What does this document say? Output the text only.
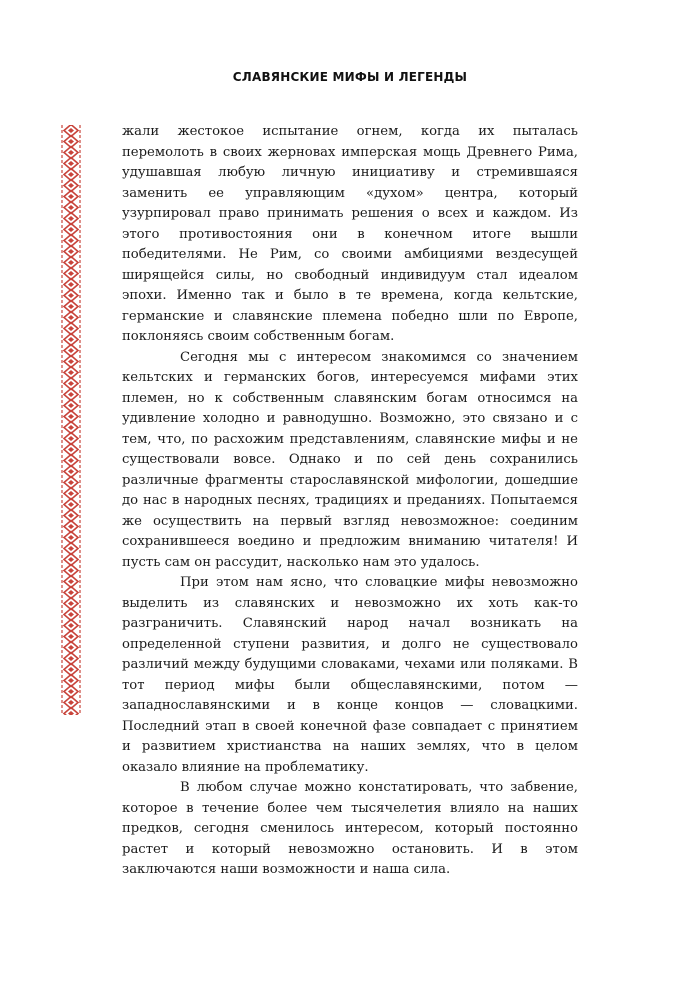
СЛАВЯНСКИЕ МИФЫ И ЛЕГЕНДЫ

жали жестокое испытание огнем, когда их пыталась перемолоть в своих жерновах имперская мощь Древнего Рима, удушавшая любую личную инициативу и стремившаяся заменить ее управляющим «духом» центра, который узурпировал право принимать решения о всех и каждом. Из этого противостояния они в конечном итоге вышли победителями. Не Рим, со своими амбициями вездесущей ширящейся силы, но свободный индивидуум стал идеалом эпохи. Именно так и было в те времена, когда кельтские, германские и славянские племена победно шли по Европе, поклоняясь своим собственным богам.

Сегодня мы с интересом знакомимся со значением кельтских и германских богов, интересуемся мифами этих племен, но к собственным славянским богам относимся на удивление холодно и равнодушно. Возможно, это связано и с тем, что, по расхожим представлениям, славянские мифы и не существовали вовсе. Однако и по сей день сохранились различные фрагменты старославянской мифологии, дошедшие до нас в народных песнях, традициях и преданиях. Попытаемся же осуществить на первый взгляд невозможное: соединим сохранившееся воедино и предложим вниманию читателя! И пусть сам он рассудит, насколько нам это удалось.

При этом нам ясно, что словацкие мифы невозможно выделить из славянских и невозможно их хоть как-то разграничить. Славянский народ начал возникать на определенной ступени развития, и долго не существовало различий между будущими словаками, чехами или поляками. В тот период мифы были общеславянскими, потом — западнославянскими и в конце концов — словацкими. Последний этап в своей конечной фазе совпадает с принятием и развитием христианства на наших землях, что в целом оказало влияние на проблематику.

В любом случае можно констатировать, что забвение, которое в течение более чем тысячелетия влияло на наших предков, сегодня сменилось интересом, который постоянно растет и который невозможно остановить. И в этом заключаются наши возможности и наша сила.
